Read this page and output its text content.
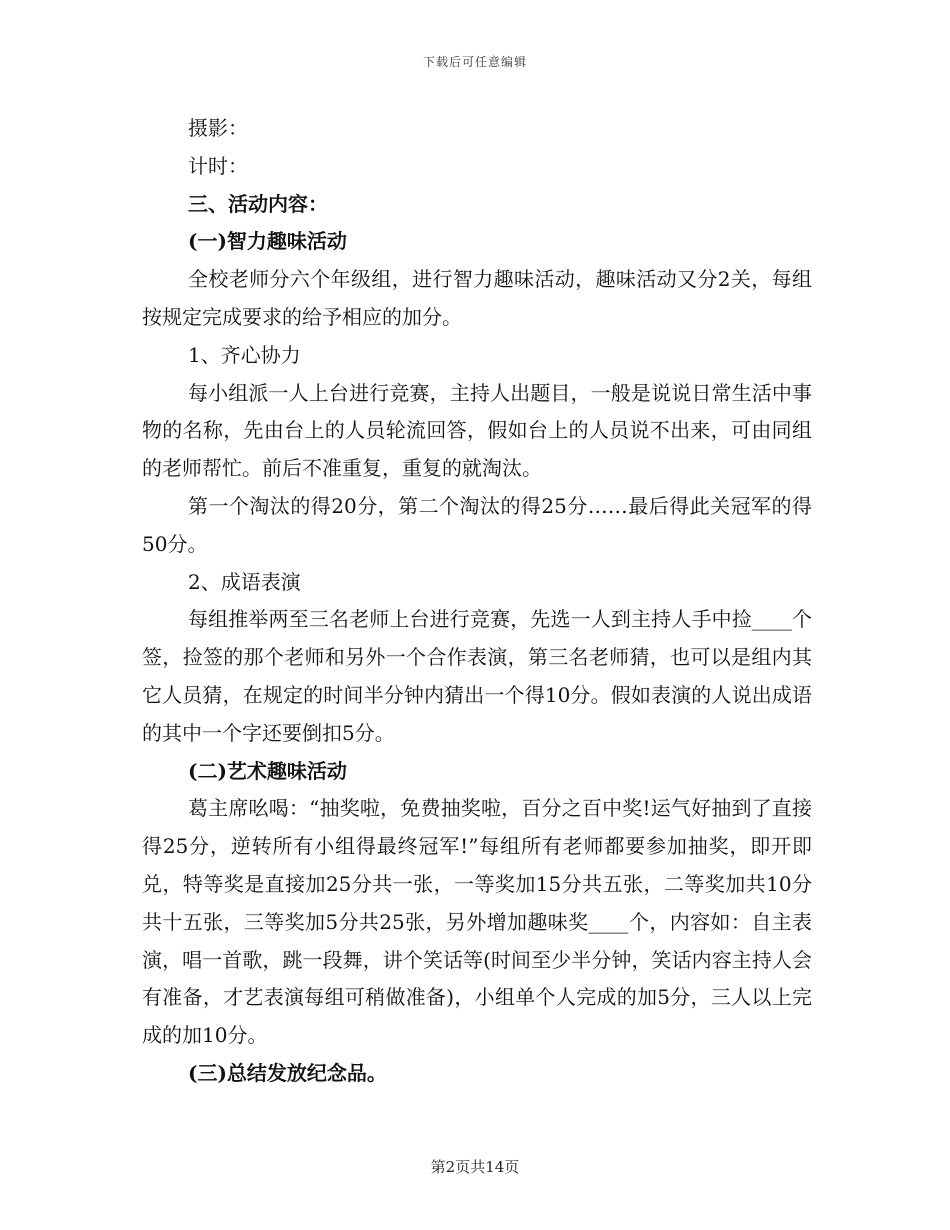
下载后可任意编辑

摄影：

计时：

三、活动内容：

(一)智力趣味活动

全校老师分六个年级组，进行智力趣味活动，趣味活动又分2关，每组按规定完成要求的给予相应的加分。

1、齐心协力

每小组派一人上台进行竞赛，主持人出题目，一般是说说日常生活中事物的名称，先由台上的人员轮流回答，假如台上的人员说不出来，可由同组的老师帮忙。前后不准重复，重复的就淘汰。

第一个淘汰的得20分，第二个淘汰的得25分……最后得此关冠军的得50分。

2、成语表演

每组推举两至三名老师上台进行竞赛，先选一人到主持人手中捡____个签，捡签的那个老师和另外一个合作表演，第三名老师猜，也可以是组内其它人员猜，在规定的时间半分钟内猜出一个得10分。假如表演的人说出成语的其中一个字还要倒扣5分。

(二)艺术趣味活动

葛主席吆喝：“抽奖啦，免费抽奖啦，百分之百中奖!运气好抽到了直接得25分，逆转所有小组得最终冠军!”每组所有老师都要参加抽奖，即开即兑，特等奖是直接加25分共一张，一等奖加15分共五张，二等奖加共10分共十五张，三等奖加5分共25张，另外增加趣味奖____个，内容如：自主表演，唱一首歌，跳一段舞，讲个笑话等(时间至少半分钟，笑话内容主持人会有准备，才艺表演每组可稍做准备)，小组单个人完成的加5分，三人以上完成的加10分。

(三)总结发放纪念品。

第2页共14页
